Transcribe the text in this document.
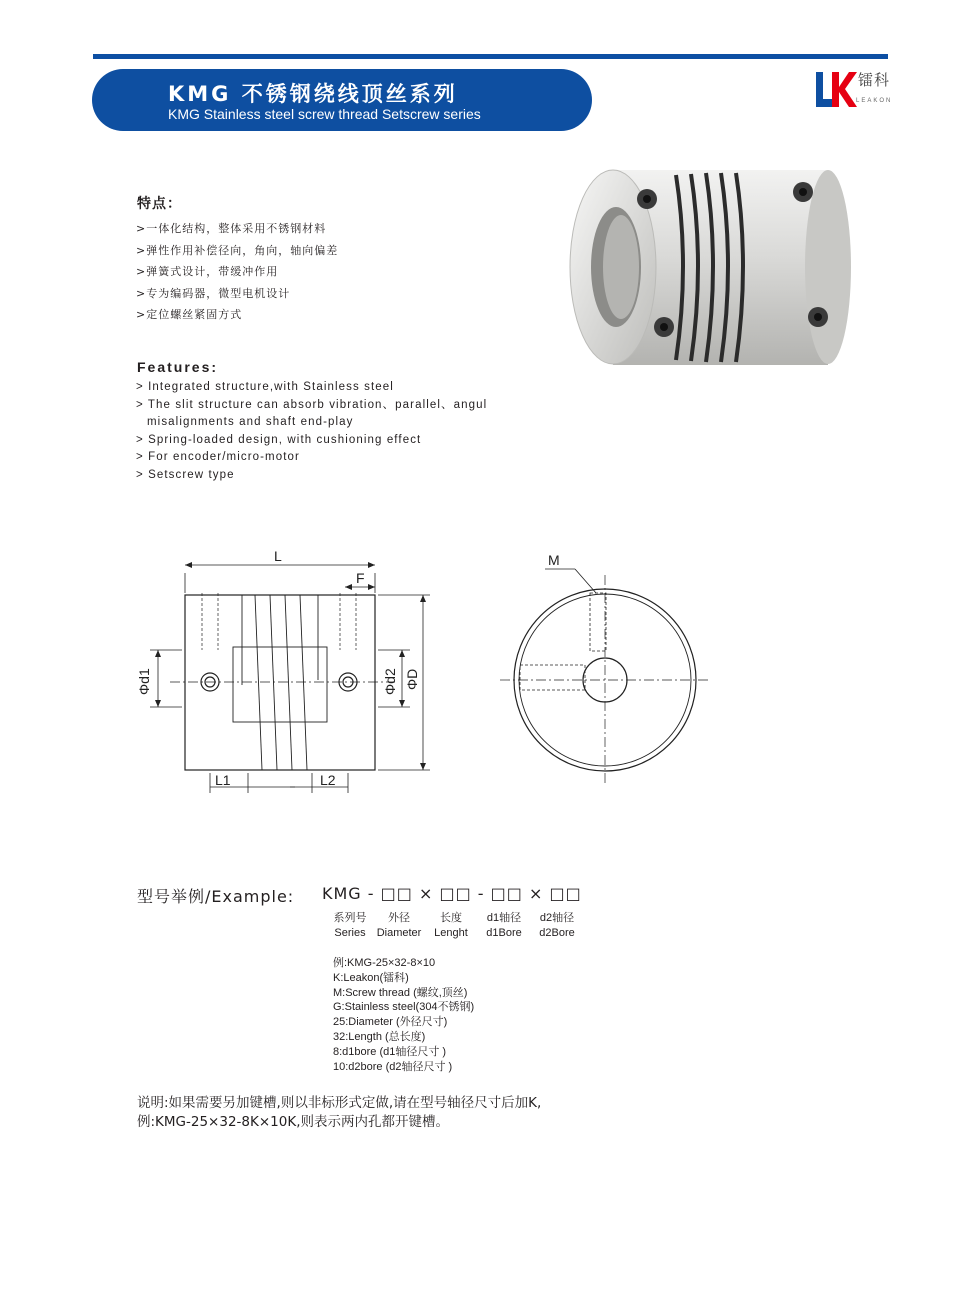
KMG 不锈钢绕线顶丝系列
KMG Stainless steel screw thread Setscrew series
镭科
LEAKON
特点：
>一体化结构，整体采用不锈钢材料
>弹性作用补偿径向，角向，轴向偏差
>弹簧式设计，带缓冲作用
>专为编码器，微型电机设计
>定位螺丝紧固方式
Features:
> Integrated structure,with Stainless steel
> The slit structure can absorb vibration、parallel、angul
misalignments and shaft end-play
> Spring-loaded design, with cushioning effect
> For encoder/micro-motor
> Setscrew type
L
F
Φd1	Φd2 ΦD
L1	L2
M
型号举例/Example: KMG - □□ × □□ - □□ × □□
系列号
Series
外径
Diameter
长度
Lenght
d1轴径
d1Bore
d2轴径
d2Bore
例:KMG-25×32-8×10
K:Leakon(镭科)
M:Screw thread (螺纹,顶丝)
G:Stainless steel(304不锈钢)
25:Diameter (外径尺寸)
32:Length (总长度)
8:d1bore (d1轴径尺寸 )
10:d2bore (d2轴径尺寸 )
说明:如果需要另加键槽,则以非标形式定做,请在型号轴径尺寸后加K,
例:KMG-25×32-8K×10K,则表示两内孔都开键槽。
